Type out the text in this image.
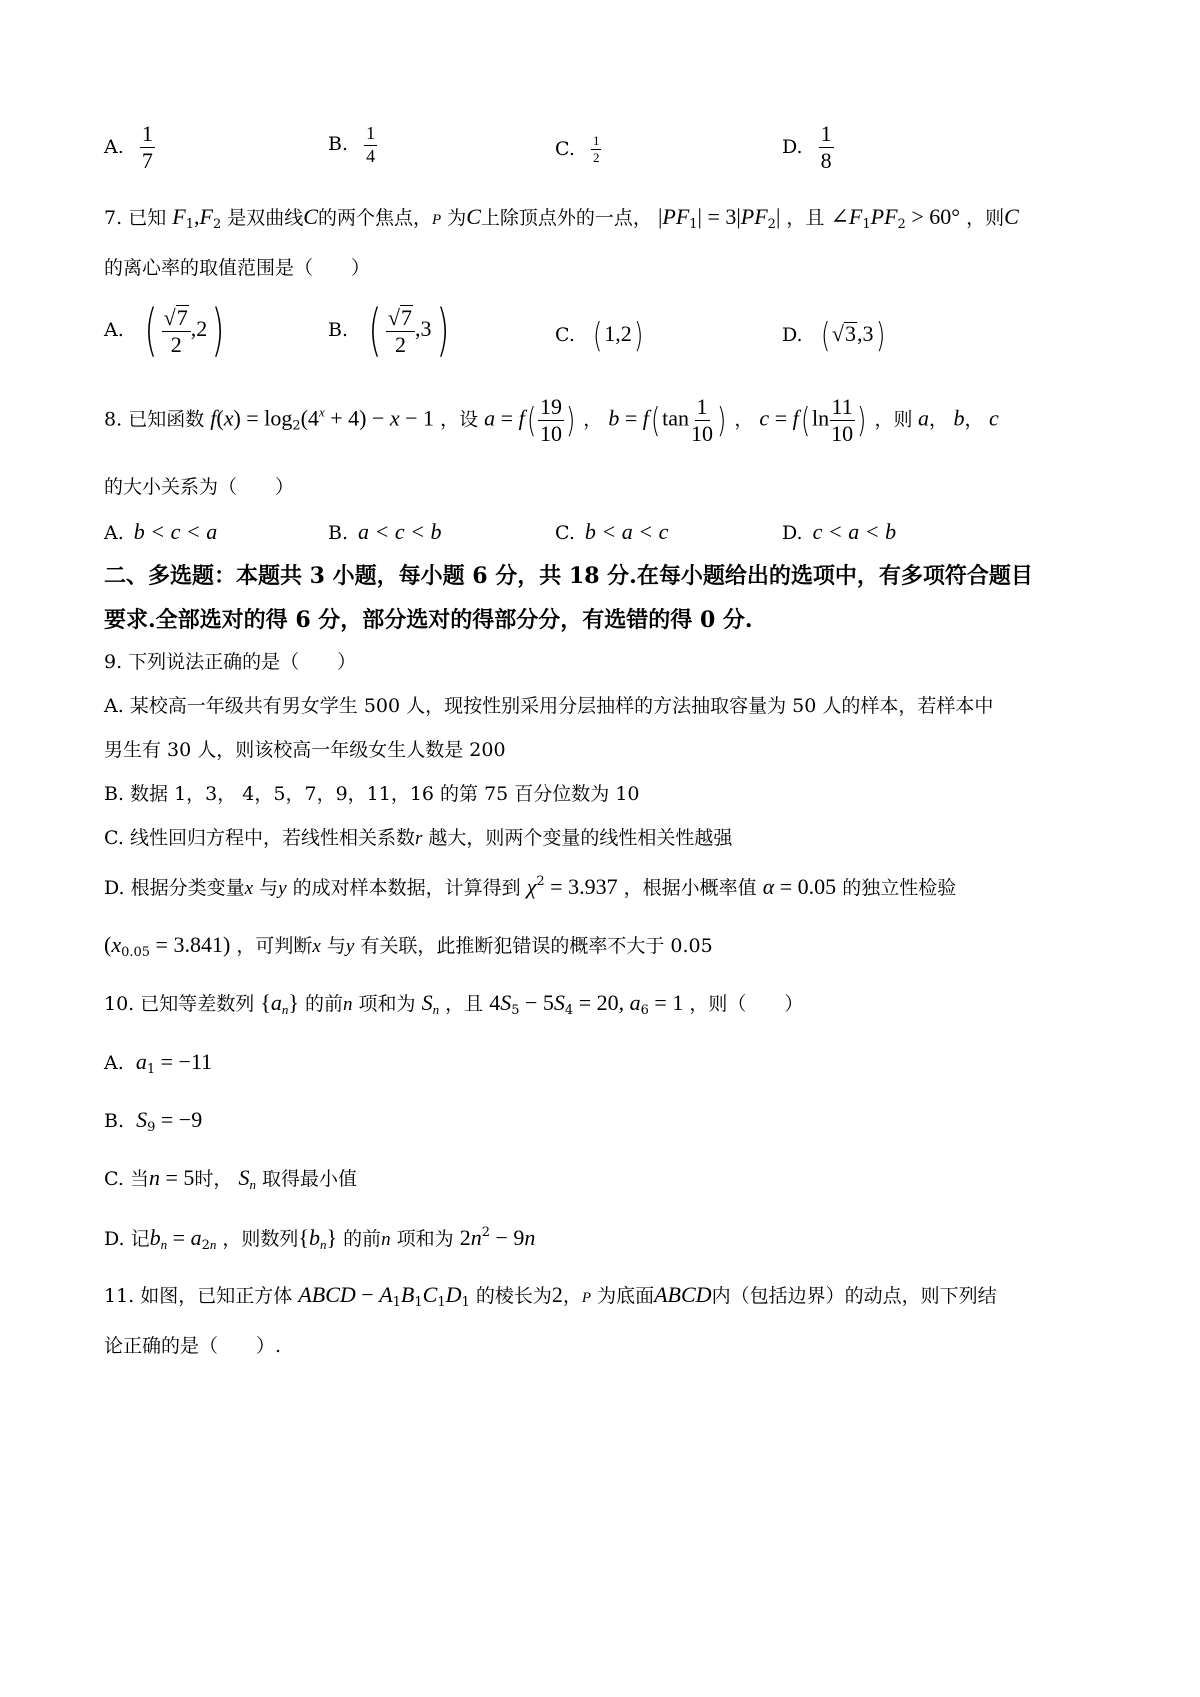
A. $\frac{1}{7}$	B. $\frac{1}{4}$	C. $\frac{1}{2}$	D. $\frac{1}{8}$
7. 已知 $F_1,F_2$ 是双曲线C的两个焦点，P 为C上除顶点外的一点， $|PF_1| = 3|PF_2|$ ，且 $\angle F_1PF_2 > 60^\circ$ ，则C
的离心率的取值范围是（　　）
A. ( $\frac{√7}{2} ,2$)	B. ( $\frac{√7}{2} ,3$)	C. (1,2)	D. (√3,3)
8. 已知函数 $f(x) = \log_2(4^x + 4) - x - 1$ ，设 $a = f( \frac{19}{10}$ ) ， $b = f(\tan \frac{1}{10}$ ) ， $c = f(\ln \frac{11}{10}$ ) ，则 a， b， c
的大小关系为（　　）
A. b < c < a	B. a < c < b	C. b < a < c	D. c < a < b
二、多选题：本题共 3 小题，每小题 6 分，共 18 分.在每小题给出的选项中，有多项符合题目
要求.全部选对的得 6 分，部分选对的得部分分，有选错的得 0 分.
9. 下列说法正确的是（　　）
A. 某校高一年级共有男女学生 500 人，现按性别采用分层抽样的方法抽取容量为 50 人的样本，若样本中
男生有 30 人，则该校高一年级女生人数是 200
B. 数据 1，3， 4，5，7，9，11，16 的第 75 百分位数为 10
C. 线性回归方程中，若线性相关系数r 越大，则两个变量的线性相关性越强
D. 根据分类变量x 与y 的成对样本数据，计算得到 $\chi^2 = 3.937$ ，根据小概率值 α = 0.05 的独立性检验
$(x_{0.05} = 3.841)$ ，可判断x 与y 有关联，此推断犯错误的概率不大于 0.05
10. 已知等差数列 $\{a_n\}$ 的前n 项和为 $S_n$ ，且 $4S_5 - 5S_4 = 20$, $a_6 = 1$ ，则（　　）
A. $a_1 = -11$
B. $S_9 = -9$
C. 当n = 5时， $S_n$ 取得最小值
D. 记$b_n = a_{2n}$ ，则数列$\{b_n\}$ 的前n 项和为 $2n^2 - 9n$
11. 如图，已知正方体 ABCD − $A_1B_1C_1D_1$ 的棱长为2，P 为底面ABCD内（包括边界）的动点，则下列结
论正确的是（　　）.
